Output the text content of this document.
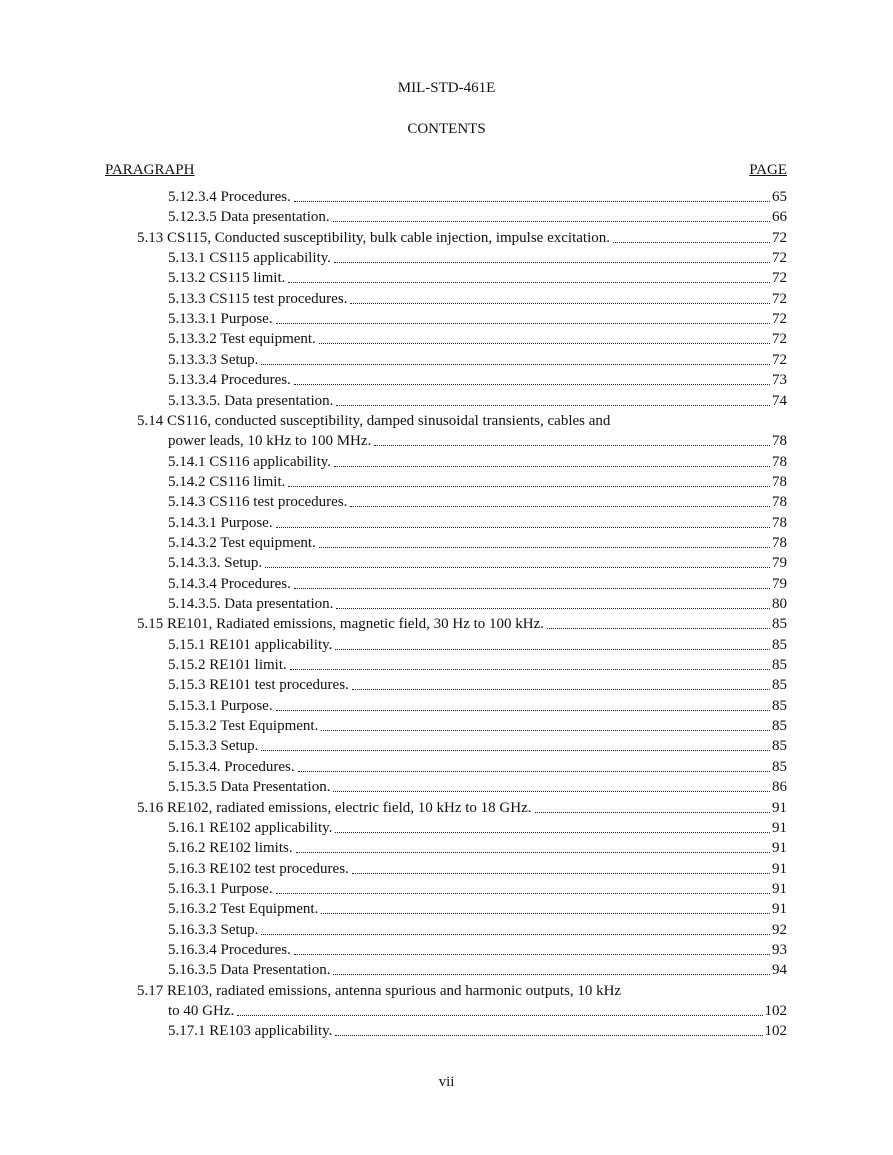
MIL-STD-461E
CONTENTS
PARAGRAPH	PAGE
5.12.3.4 Procedures.	65
5.12.3.5 Data presentation.	66
5.13 CS115, Conducted susceptibility, bulk cable injection, impulse excitation.	72
5.13.1 CS115 applicability.	72
5.13.2 CS115 limit.	72
5.13.3 CS115 test procedures.	72
5.13.3.1 Purpose.	72
5.13.3.2 Test equipment.	72
5.13.3.3 Setup.	72
5.13.3.4 Procedures.	73
5.13.3.5. Data presentation.	74
5.14 CS116, conducted susceptibility, damped sinusoidal transients, cables and
power leads, 10 kHz to 100 MHz.	78
5.14.1 CS116 applicability.	78
5.14.2 CS116 limit.	78
5.14.3 CS116 test procedures.	78
5.14.3.1 Purpose.	78
5.14.3.2 Test equipment.	78
5.14.3.3. Setup.	79
5.14.3.4 Procedures.	79
5.14.3.5. Data presentation.	80
5.15 RE101, Radiated emissions, magnetic field, 30 Hz to 100 kHz.	85
5.15.1 RE101 applicability.	85
5.15.2 RE101 limit.	85
5.15.3 RE101 test procedures.	85
5.15.3.1 Purpose.	85
5.15.3.2 Test Equipment.	85
5.15.3.3 Setup.	85
5.15.3.4. Procedures.	85
5.15.3.5 Data Presentation.	86
5.16 RE102, radiated emissions, electric field, 10 kHz to 18 GHz.	91
5.16.1 RE102 applicability.	91
5.16.2 RE102 limits.	91
5.16.3 RE102 test procedures.	91
5.16.3.1 Purpose.	91
5.16.3.2 Test Equipment.	91
5.16.3.3 Setup.	92
5.16.3.4 Procedures.	93
5.16.3.5 Data Presentation.	94
5.17 RE103, radiated emissions, antenna spurious and harmonic outputs, 10 kHz
to 40 GHz.	102
5.17.1 RE103 applicability.	102
vii
